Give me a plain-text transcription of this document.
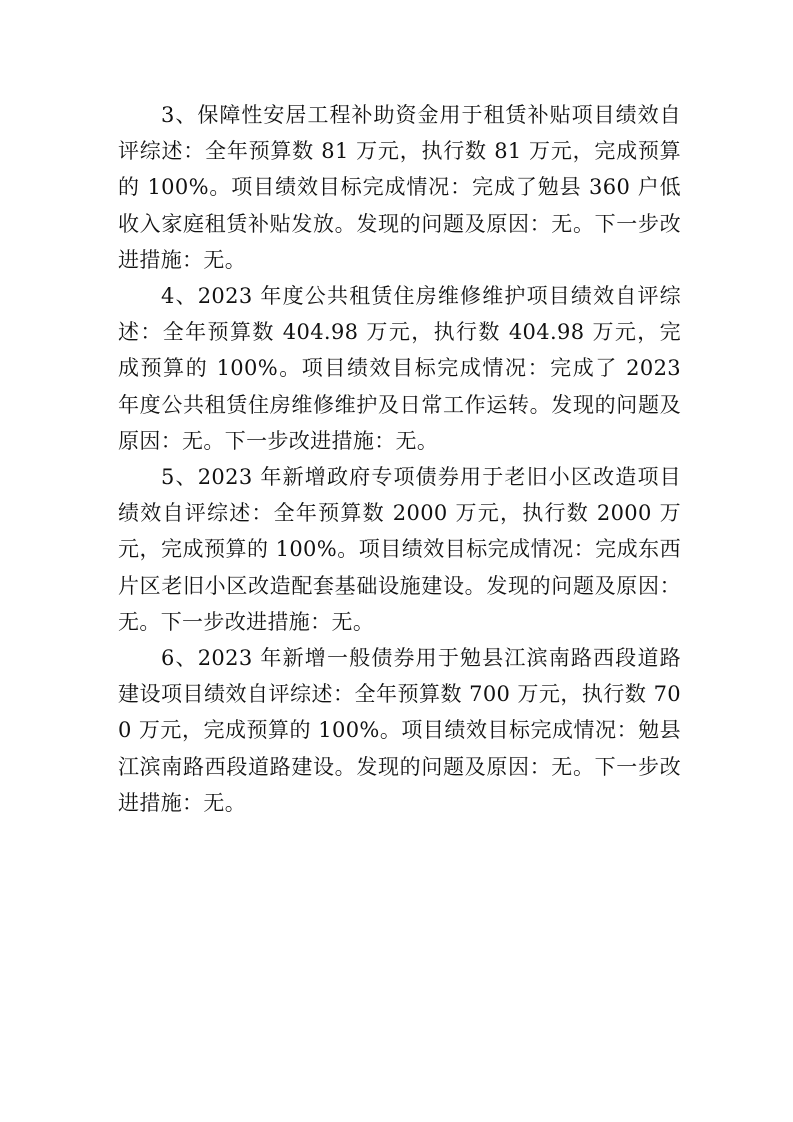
3、保障性安居工程补助资金用于租赁补贴项目绩效自评综述：全年预算数 81 万元，执行数 81 万元，完成预算的 100%。项目绩效目标完成情况：完成了勉县 360 户低收入家庭租赁补贴发放。发现的问题及原因：无。下一步改进措施：无。

4、2023 年度公共租赁住房维修维护项目绩效自评综述：全年预算数 404.98 万元，执行数 404.98 万元，完成预算的 100%。项目绩效目标完成情况：完成了 2023 年度公共租赁住房维修维护及日常工作运转。发现的问题及原因：无。下一步改进措施：无。

5、2023 年新增政府专项债券用于老旧小区改造项目绩效自评综述：全年预算数 2000 万元，执行数 2000 万元，完成预算的 100%。项目绩效目标完成情况：完成东西片区老旧小区改造配套基础设施建设。发现的问题及原因：无。下一步改进措施：无。

6、2023 年新增一般债券用于勉县江滨南路西段道路建设项目绩效自评综述：全年预算数 700 万元，执行数 700 万元，完成预算的 100%。项目绩效目标完成情况：勉县江滨南路西段道路建设。发现的问题及原因：无。下一步改进措施：无。
